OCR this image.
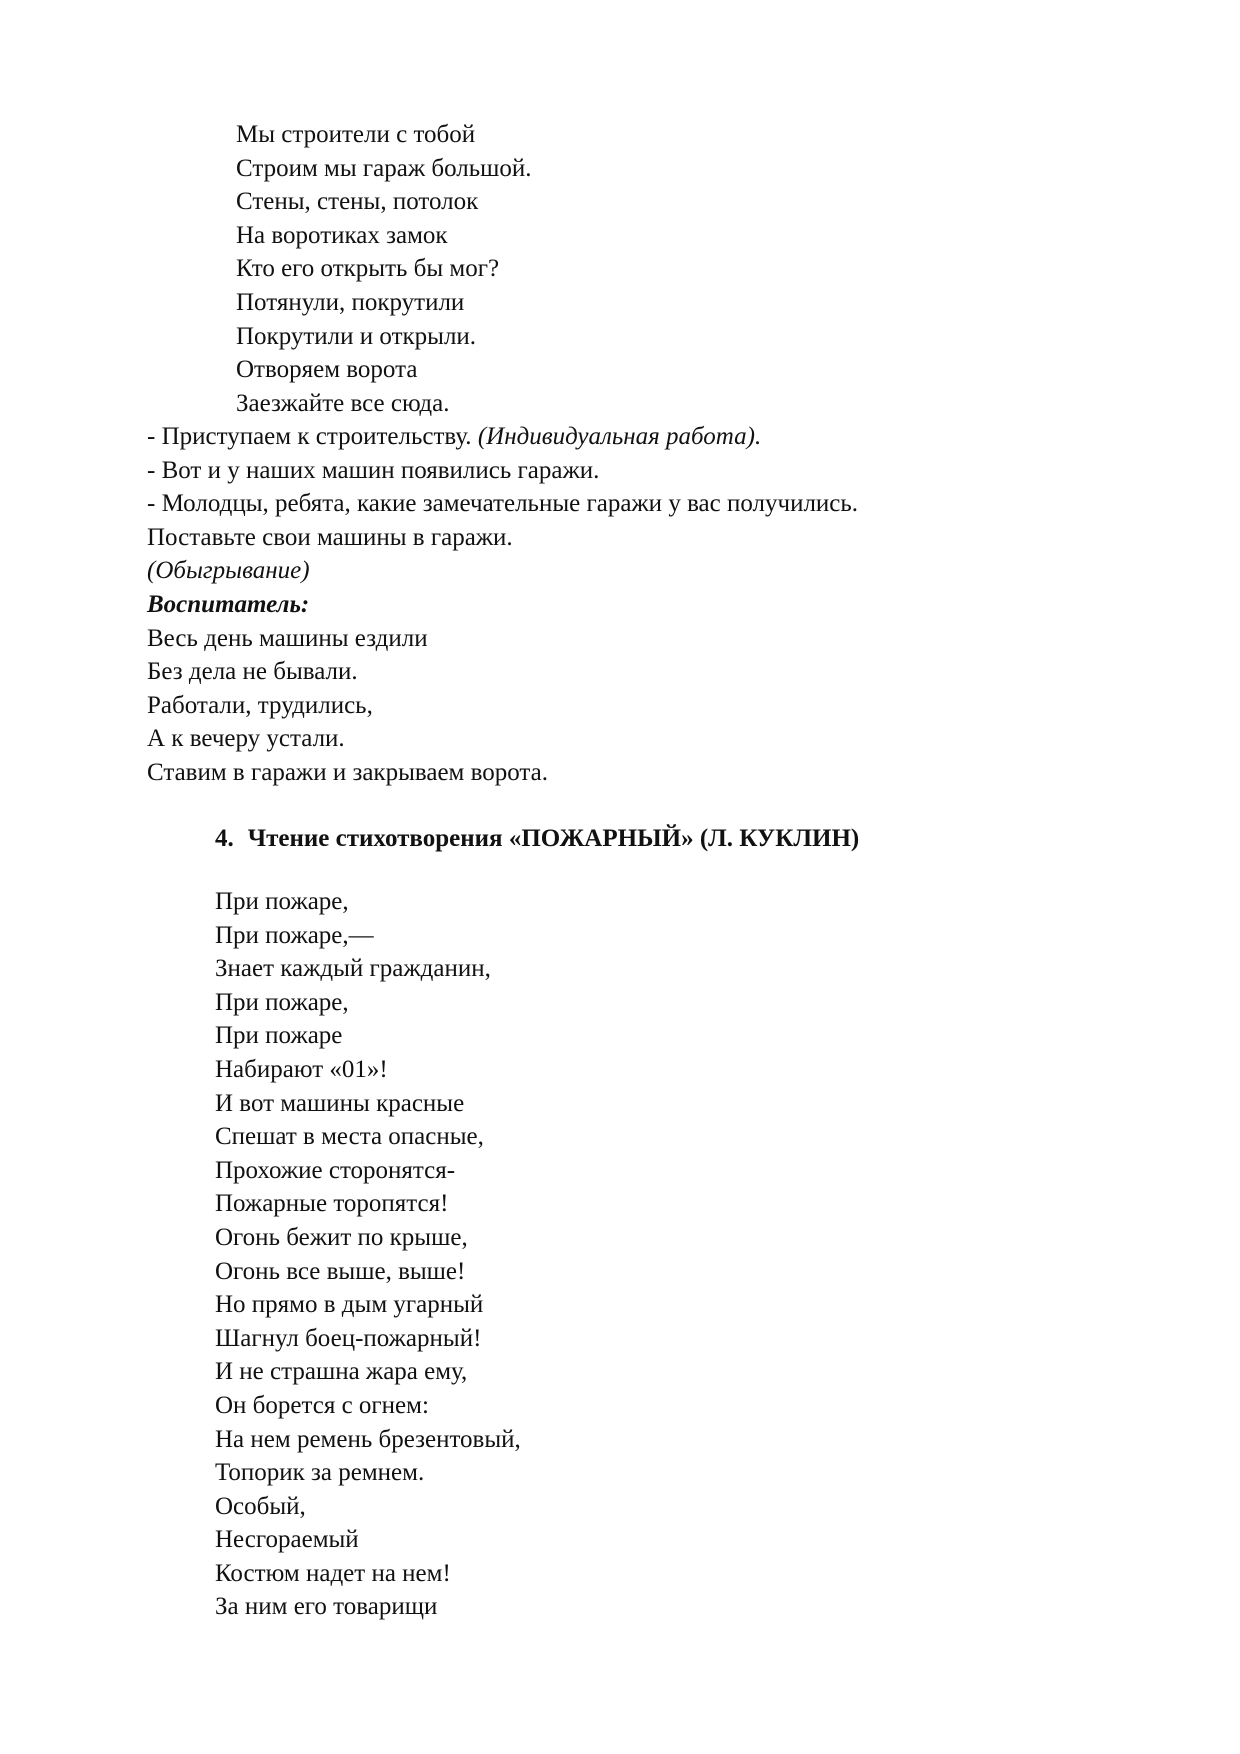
Мы строители с тобой
Строим мы гараж большой.
Стены, стены, потолок
На воротиках замок
Кто его открыть бы мог?
Потянули, покрутили
Покрутили и открыли.
Отворяем ворота
Заезжайте все сюда.
- Приступаем к строительству. (Индивидуальная работа).
- Вот и у наших машин появились гаражи.
- Молодцы, ребята, какие замечательные гаражи у вас получились.
Поставьте свои машины в гаражи.
(Обыгрывание)
Воспитатель:
Весь день машины ездили
Без дела не бывали.
Работали, трудились,
А к вечеру устали.
Ставим в гаражи и закрываем ворота.
4. Чтение стихотворения «ПОЖАРНЫЙ» (Л. КУКЛИН)
При пожаре,
При пожаре,—
Знает каждый гражданин,
При пожаре,
При пожаре
Набирают «01»!
И вот машины красные
Спешат в места опасные,
Прохожие сторонятся-
Пожарные торопятся!
Огонь бежит по крыше,
Огонь все выше, выше!
Но прямо в дым угарный
Шагнул боец-пожарный!
И не страшна жара ему,
Он борется с огнем:
На нем ремень брезентовый,
Топорик за ремнем.
Особый,
Несгораемый
Костюм надет на нем!
За ним его товарищи
